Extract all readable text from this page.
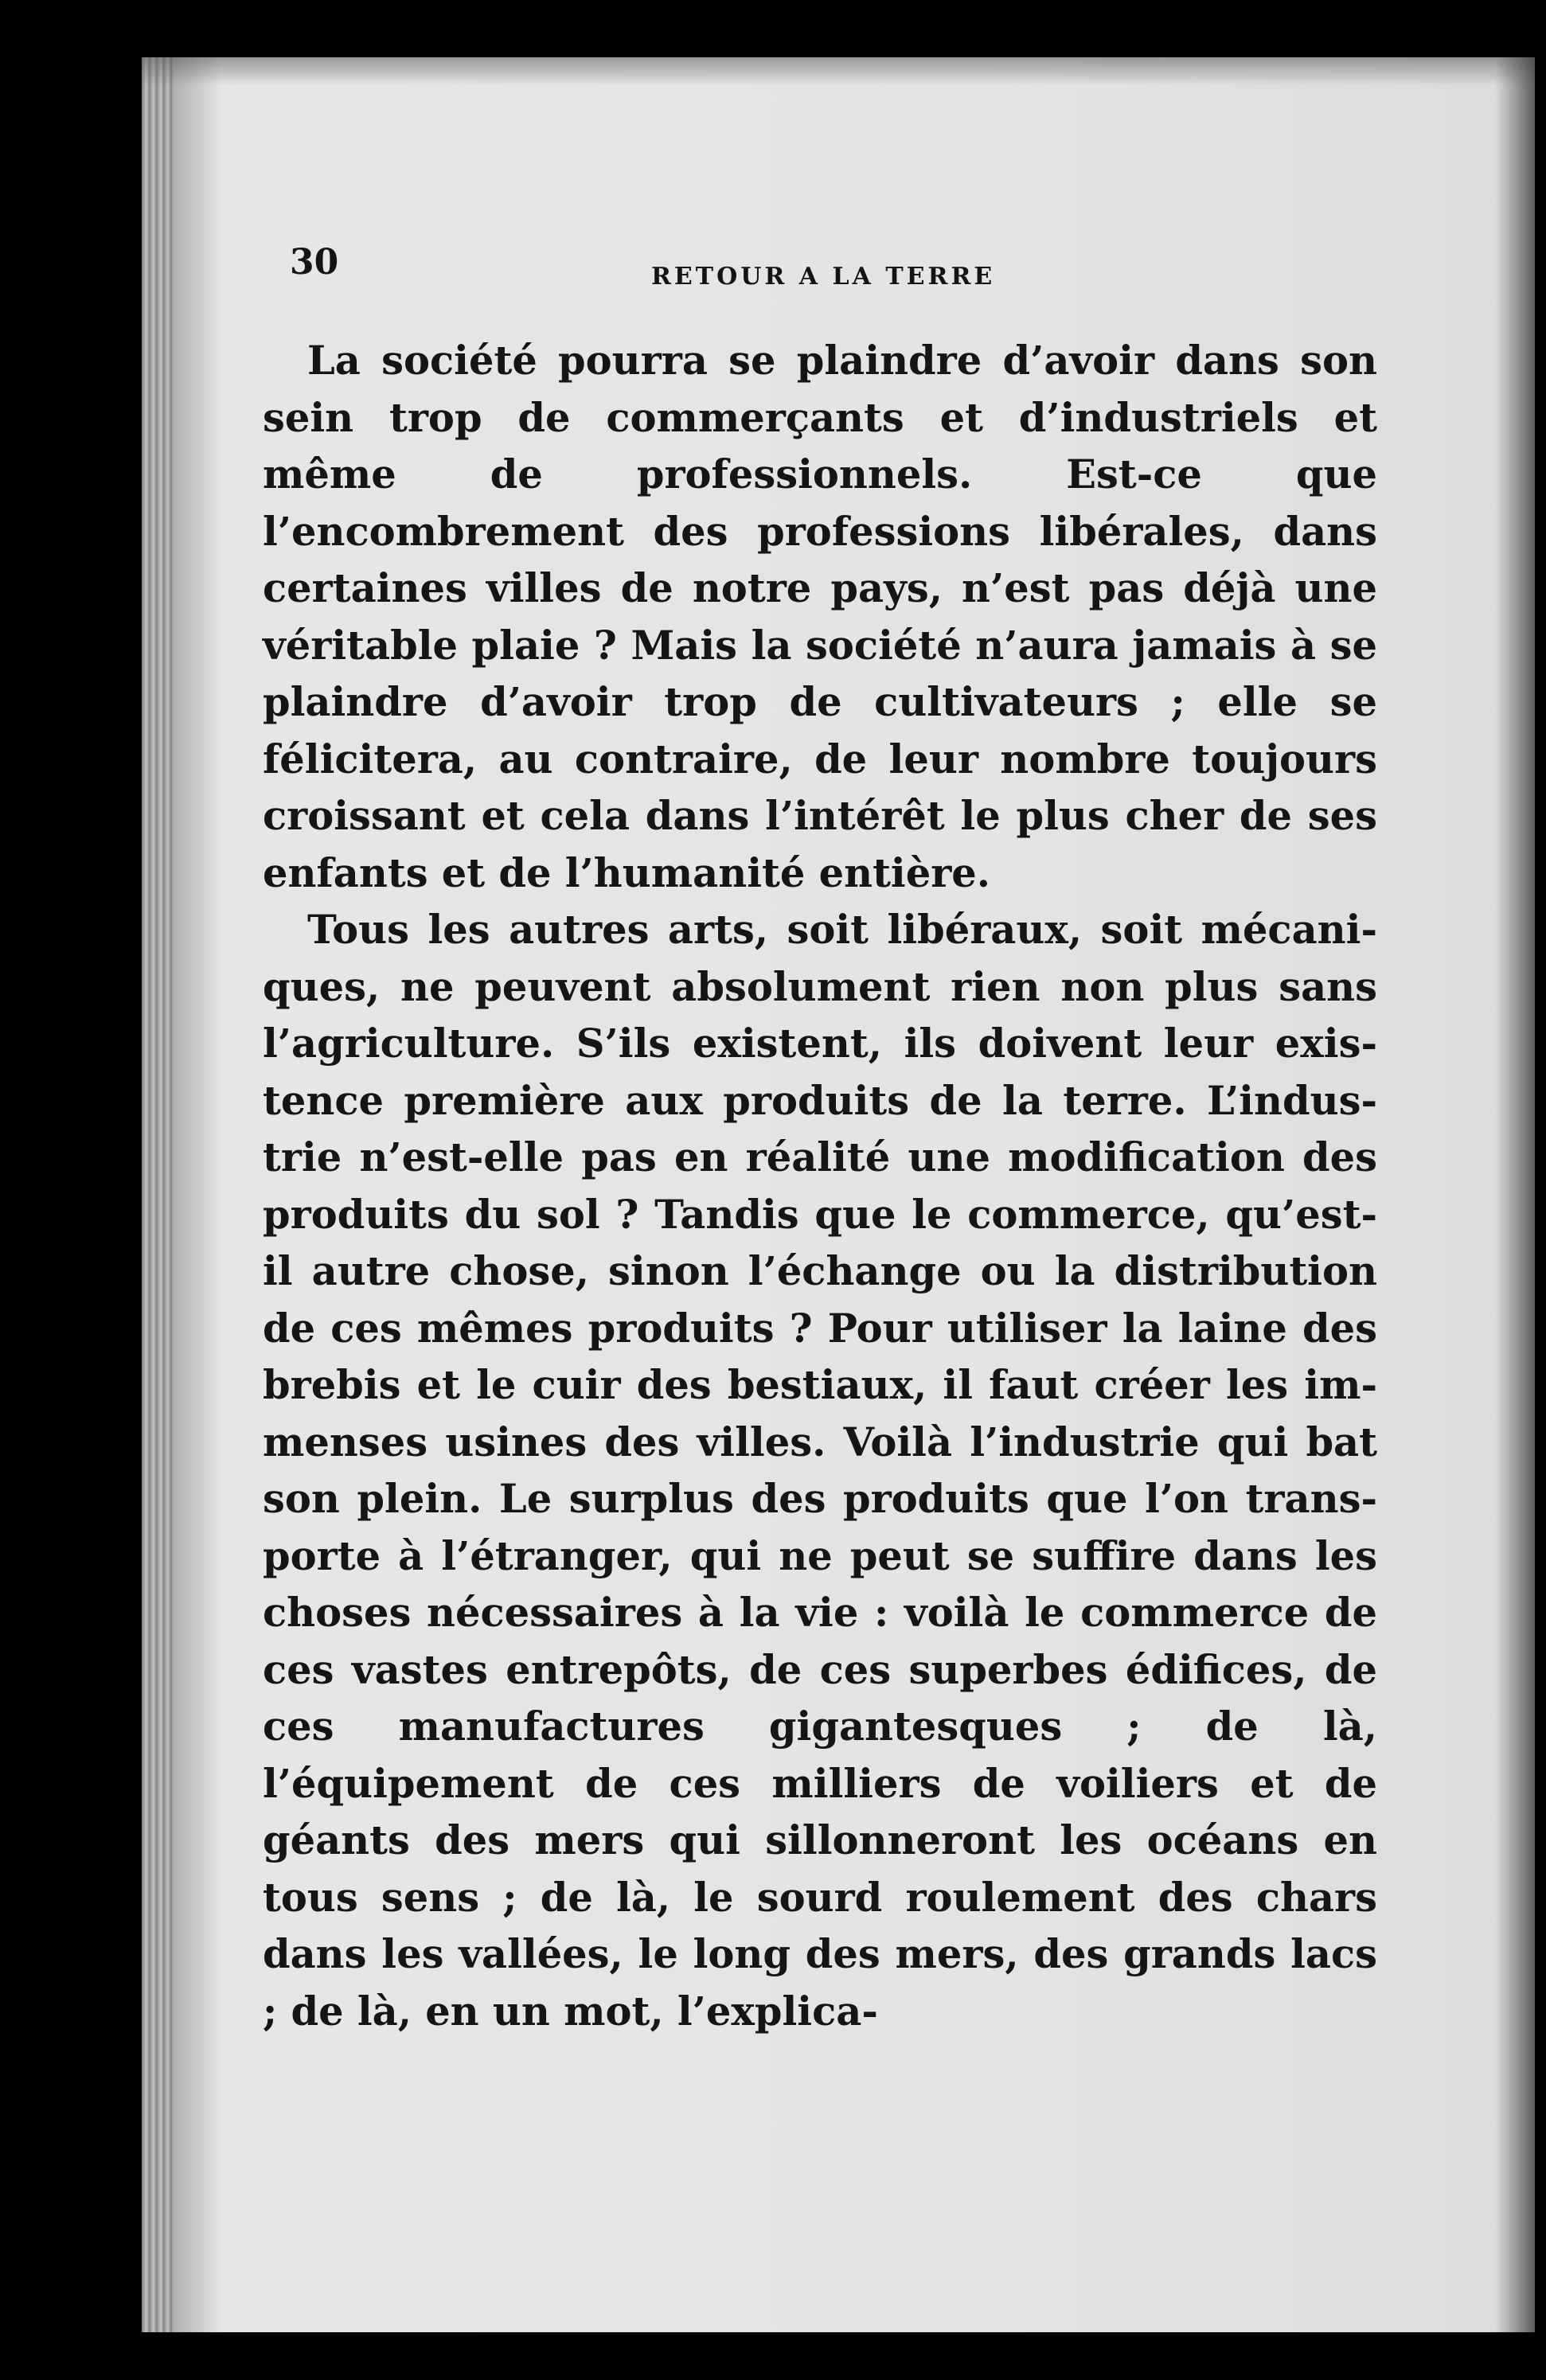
30	RETOUR A LA TERRE

La société pourra se plaindre d’avoir dans son sein trop de commerçants et d’industriels et même de professionnels. Est-ce que l’encombrement des professions libérales, dans certaines villes de notre pays, n’est pas déjà une véritable plaie ? Mais la société n’aura jamais à se plaindre d’avoir trop de cultivateurs ; elle se félicitera, au contraire, de leur nombre toujours croissant et cela dans l’intérêt le plus cher de ses enfants et de l’humanité entière.

Tous les autres arts, soit libéraux, soit mécaniques, ne peuvent absolument rien non plus sans l’agriculture. S’ils existent, ils doivent leur existence première aux produits de la terre. L’industrie n’est-elle pas en réalité une modification des produits du sol ? Tandis que le commerce, qu’est-il autre chose, sinon l’échange ou la distribution de ces mêmes produits ? Pour utiliser la laine des brebis et le cuir des bestiaux, il faut créer les immenses usines des villes. Voilà l’industrie qui bat son plein. Le surplus des produits que l’on transporte à l’étranger, qui ne peut se suffire dans les choses nécessaires à la vie : voilà le commerce de ces vastes entrepôts, de ces superbes édifices, de ces manufactures gigantesques ; de là, l’équipement de ces milliers de voiliers et de géants des mers qui sillonneront les océans en tous sens ; de là, le sourd roulement des chars dans les vallées, le long des mers, des grands lacs ; de là, en un mot, l’explica-
